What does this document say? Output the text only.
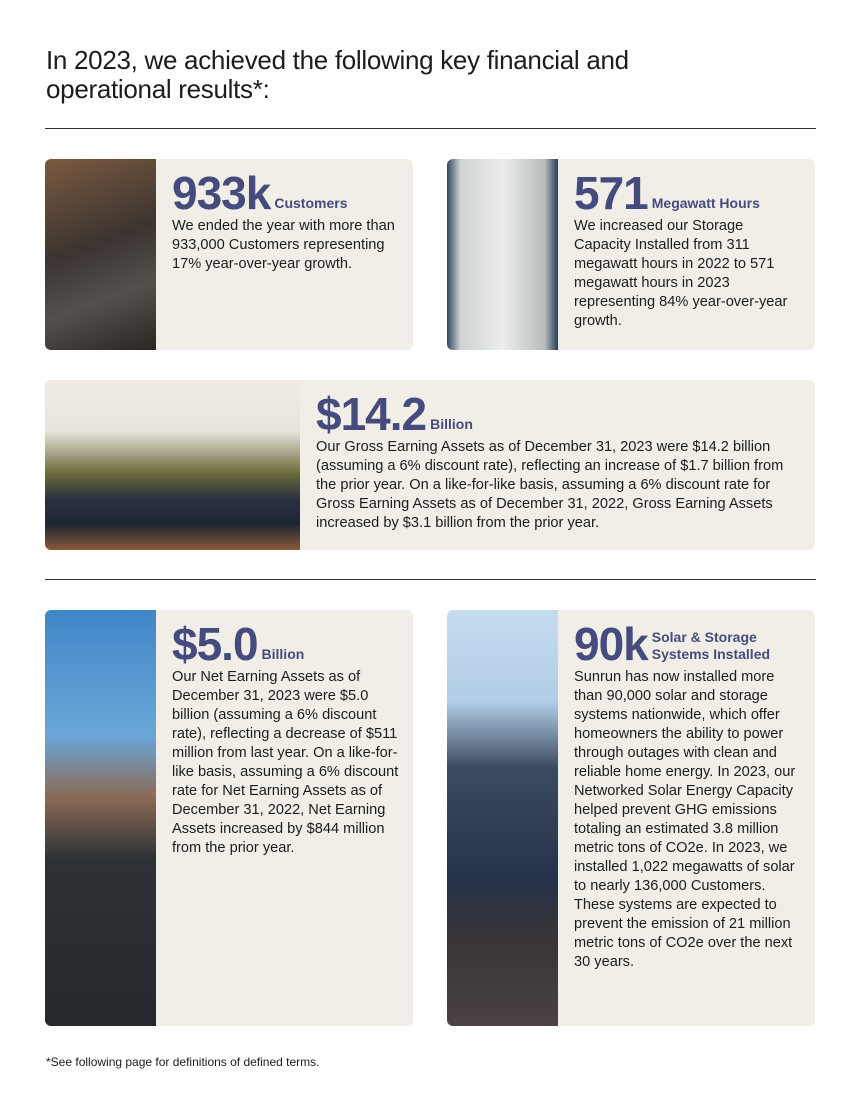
In 2023, we achieved the following key financial and operational results*:
933k Customers

We ended the year with more than 933,000 Customers representing 17% year-over-year growth.

571 Megawatt Hours

We increased our Storage Capacity Installed from 311 megawatt hours in 2022 to 571 megawatt hours in 2023 representing 84% year-over-year growth.

$14.2 Billion

Our Gross Earning Assets as of December 31, 2023 were $14.2 billion (assuming a 6% discount rate), reflecting an increase of $1.7 billion from the prior year. On a like-for-like basis, assuming a 6% discount rate for Gross Earning Assets as of December 31, 2022, Gross Earning Assets increased by $3.1 billion from the prior year.

$5.0 Billion

Our Net Earning Assets as of December 31, 2023 were $5.0 billion (assuming a 6% discount rate), reflecting a decrease of $511 million from last year. On a like-for-like basis, assuming a 6% discount rate for Net Earning Assets as of December 31, 2022, Net Earning Assets increased by $844 million from the prior year.

90k Solar & Storage Systems Installed

Sunrun has now installed more than 90,000 solar and storage systems nationwide, which offer homeowners the ability to power through outages with clean and reliable home energy. In 2023, our Networked Solar Energy Capacity helped prevent GHG emissions totaling an estimated 3.8 million metric tons of CO2e. In 2023, we installed 1,022 megawatts of solar to nearly 136,000 Customers. These systems are expected to prevent the emission of 21 million metric tons of CO2e over the next 30 years.

*See following page for definitions of defined terms.
